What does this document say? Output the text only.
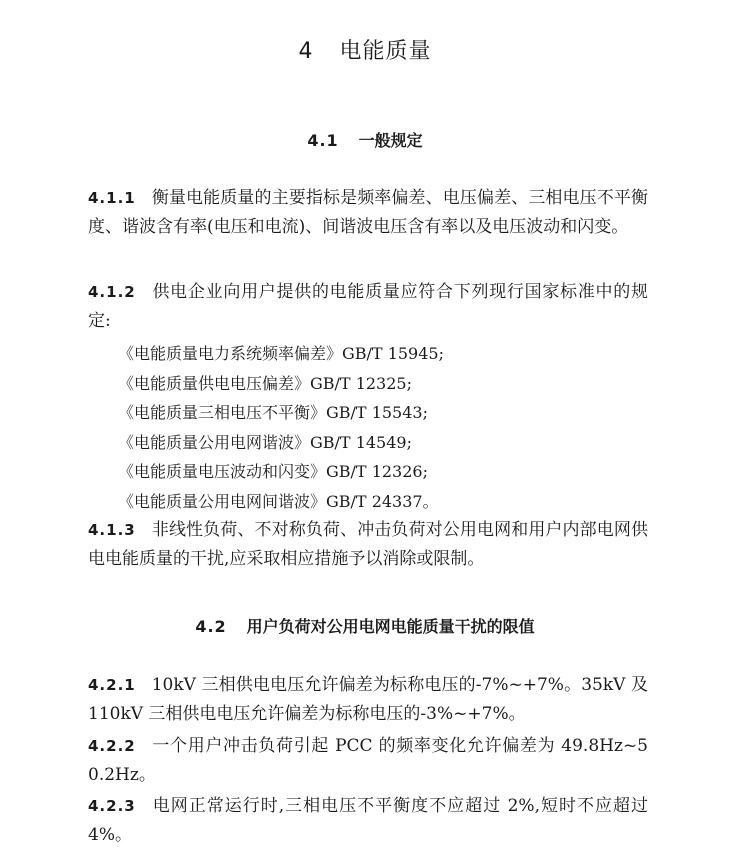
4 电能质量
4.1 一般规定
4.1.1 衡量电能质量的主要指标是频率偏差、电压偏差、三相电压不平衡度、谐波含有率(电压和电流)、间谐波电压含有率以及电压波动和闪变。
4.1.2 供电企业向用户提供的电能质量应符合下列现行国家标准中的规定:
《电能质量电力系统频率偏差》GB/T 15945;
《电能质量供电电压偏差》GB/T 12325;
《电能质量三相电压不平衡》GB/T 15543;
《电能质量公用电网谐波》GB/T 14549;
《电能质量电压波动和闪变》GB/T 12326;
《电能质量公用电网间谐波》GB/T 24337。
4.1.3 非线性负荷、不对称负荷、冲击负荷对公用电网和用户内部电网供电电能质量的干扰,应采取相应措施予以消除或限制。
4.2 用户负荷对公用电网电能质量干扰的限值
4.2.1 10kV 三相供电电压允许偏差为标称电压的-7%~+7%。35kV 及 110kV 三相供电电压允许偏差为标称电压的-3%~+7%。
4.2.2 一个用户冲击负荷引起 PCC 的频率变化允许偏差为 49.8Hz~50.2Hz。
4.2.3 电网正常运行时,三相电压不平衡度不应超过 2%,短时不应超过 4%。
